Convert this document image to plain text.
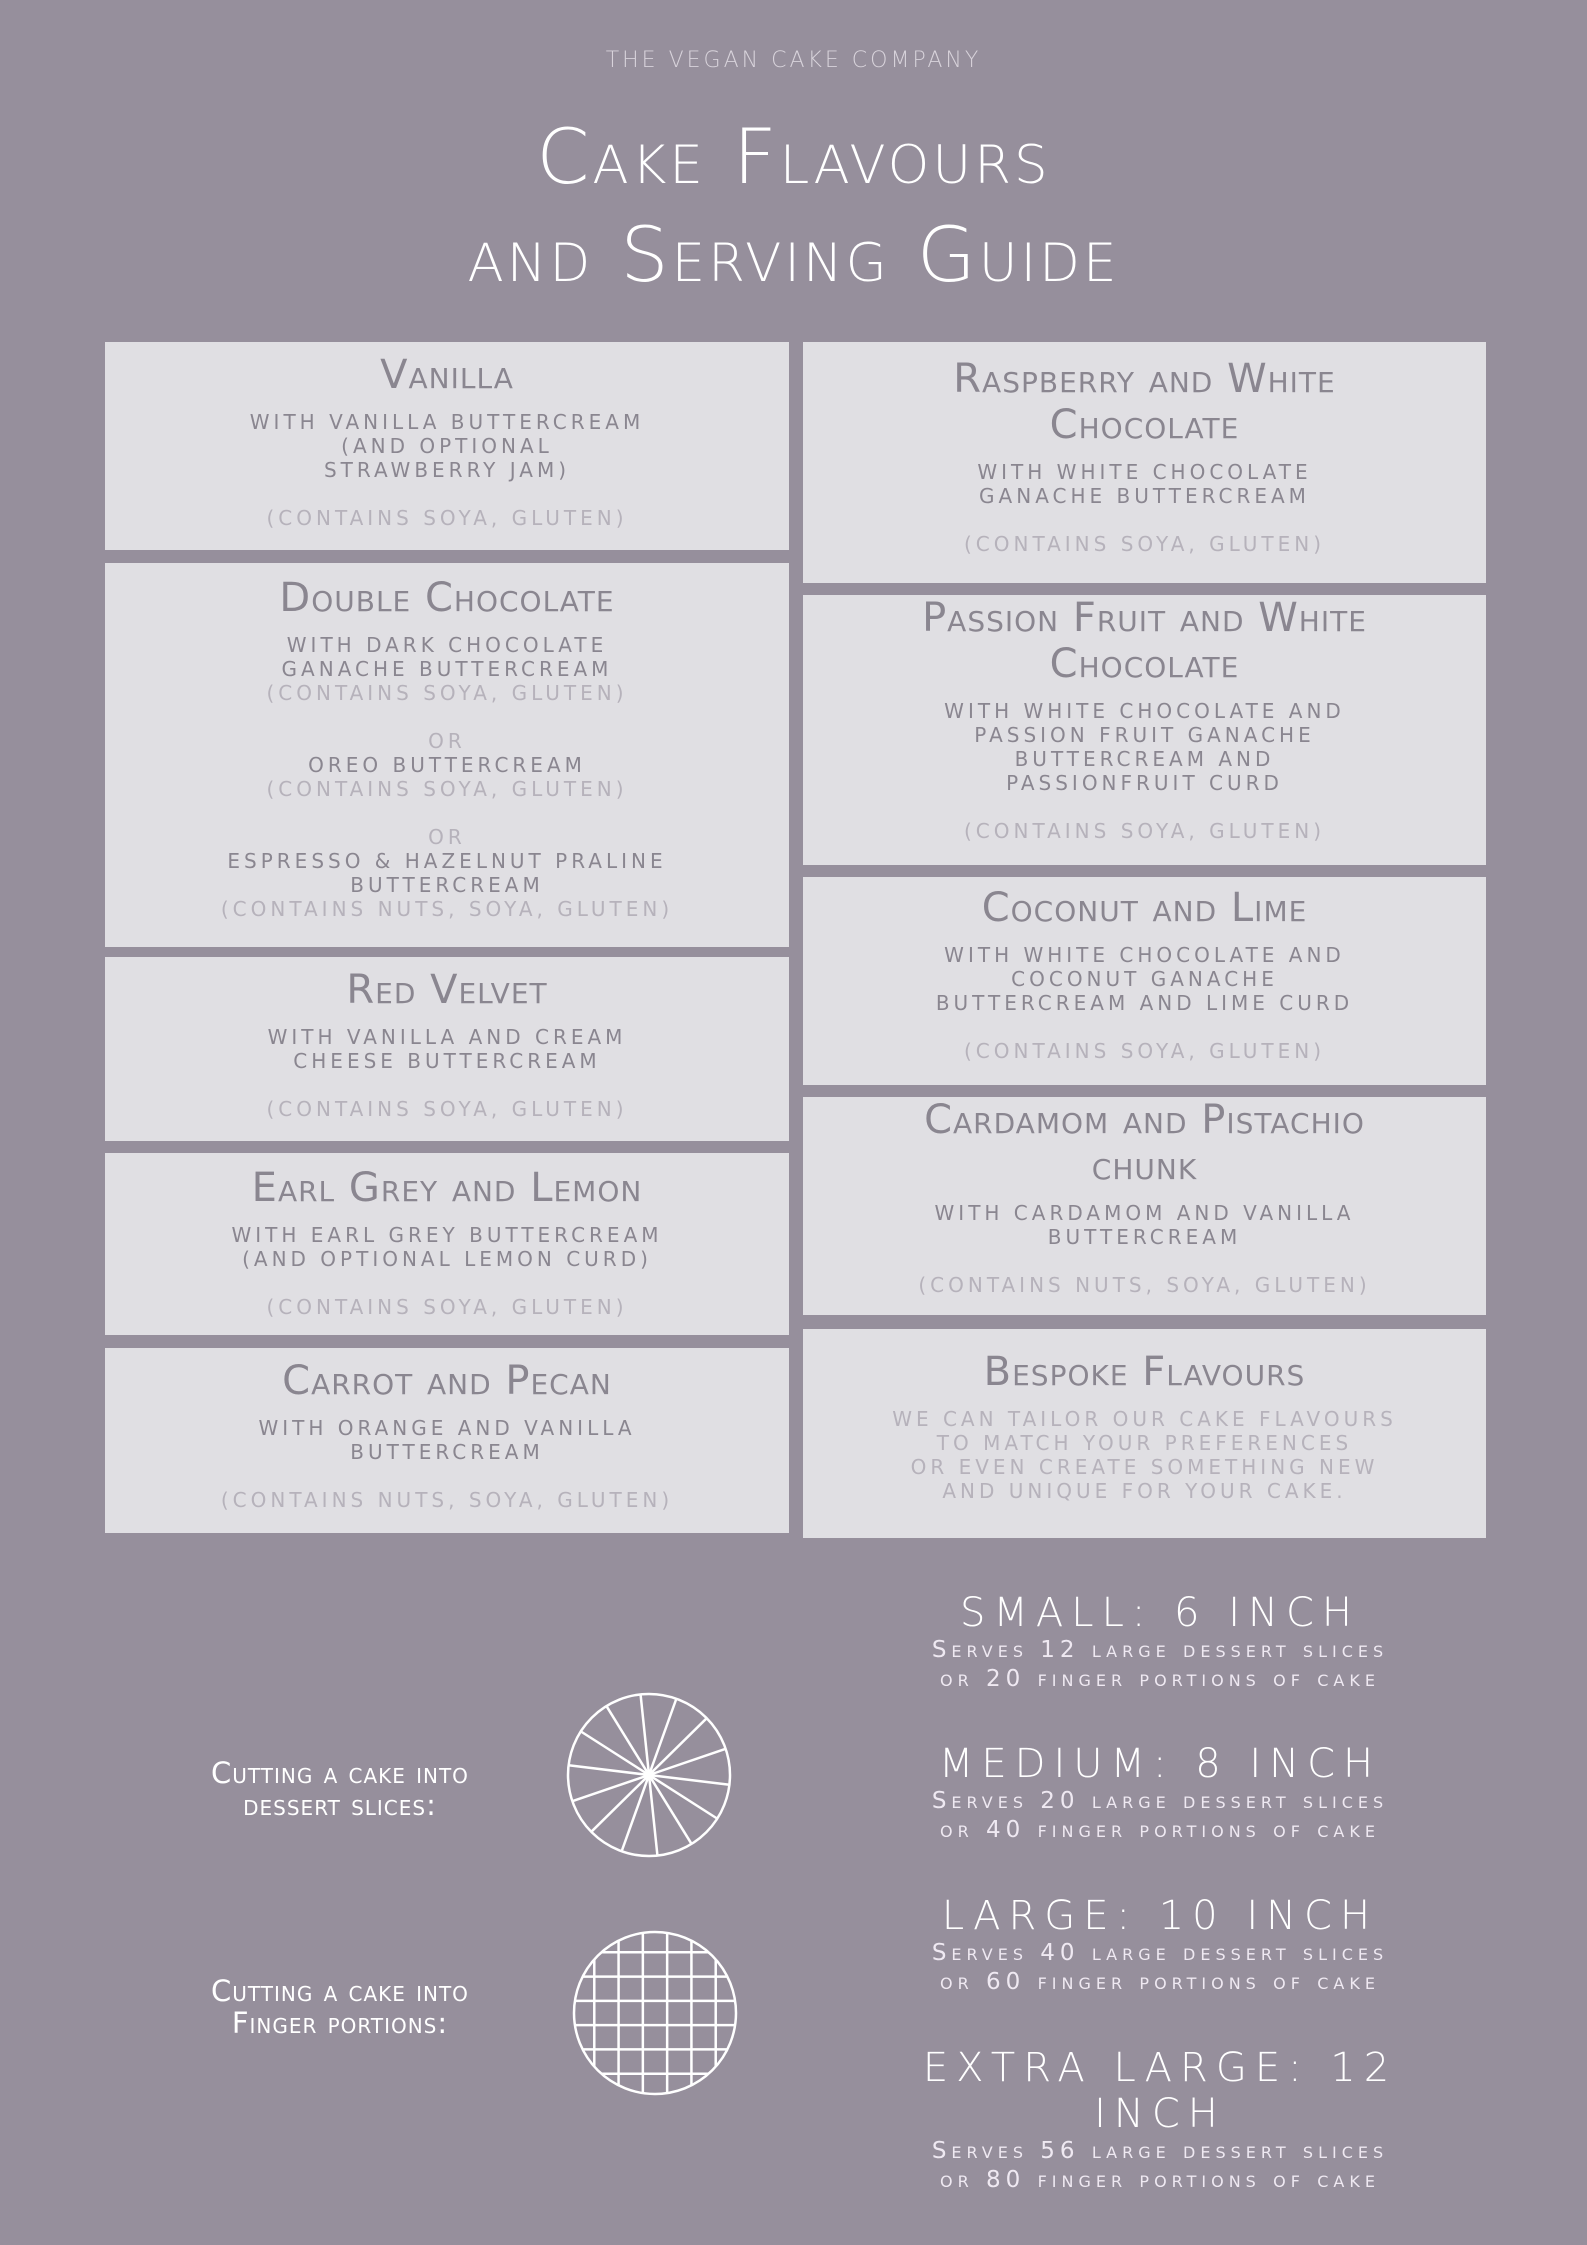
THE VEGAN CAKE COMPANY
Cake Flavours
and Serving Guide
Vanilla
WITH VANILLA BUTTERCREAM
(AND OPTIONAL
STRAWBERRY JAM)
(CONTAINS SOYA, GLUTEN)
Double Chocolate
WITH DARK CHOCOLATE
GANACHE BUTTERCREAM
(CONTAINS SOYA, GLUTEN)
OR
OREO BUTTERCREAM
(CONTAINS SOYA, GLUTEN)
OR
ESPRESSO & HAZELNUT PRALINE
BUTTERCREAM
(CONTAINS NUTS, SOYA, GLUTEN)
Red Velvet
WITH VANILLA AND CREAM
CHEESE BUTTERCREAM
(CONTAINS SOYA, GLUTEN)
Earl Grey and Lemon
WITH EARL GREY BUTTERCREAM
(AND OPTIONAL LEMON CURD)
(CONTAINS SOYA, GLUTEN)
Carrot and Pecan
WITH ORANGE AND VANILLA
BUTTERCREAM
(CONTAINS NUTS, SOYA, GLUTEN)
Raspberry and White
Chocolate
WITH WHITE CHOCOLATE
GANACHE BUTTERCREAM
(CONTAINS SOYA, GLUTEN)
Passion Fruit and White
Chocolate
WITH WHITE CHOCOLATE AND
PASSION FRUIT GANACHE
BUTTERCREAM AND
PASSIONFRUIT CURD
(CONTAINS SOYA, GLUTEN)
Coconut and Lime
WITH WHITE CHOCOLATE AND
COCONUT GANACHE
BUTTERCREAM AND LIME CURD
(CONTAINS SOYA, GLUTEN)
Cardamom and Pistachio
chunk
WITH CARDAMOM AND VANILLA
BUTTERCREAM
(CONTAINS NUTS, SOYA, GLUTEN)
Bespoke Flavours
WE CAN TAILOR OUR CAKE FLAVOURS
TO MATCH YOUR PREFERENCES
OR EVEN CREATE SOMETHING NEW
AND UNIQUE FOR YOUR CAKE.
Cutting a cake into
dessert slices:
Cutting a cake into
Finger portions:
SMALL: 6 INCH
Serves 12 large dessert slices
or 20 finger portions of cake
MEDIUM: 8 INCH
Serves 20 large dessert slices
or 40 finger portions of cake
LARGE: 10 INCH
Serves 40 large dessert slices
or 60 finger portions of cake
EXTRA LARGE: 12 INCH
Serves 56 large dessert slices
or 80 finger portions of cake
